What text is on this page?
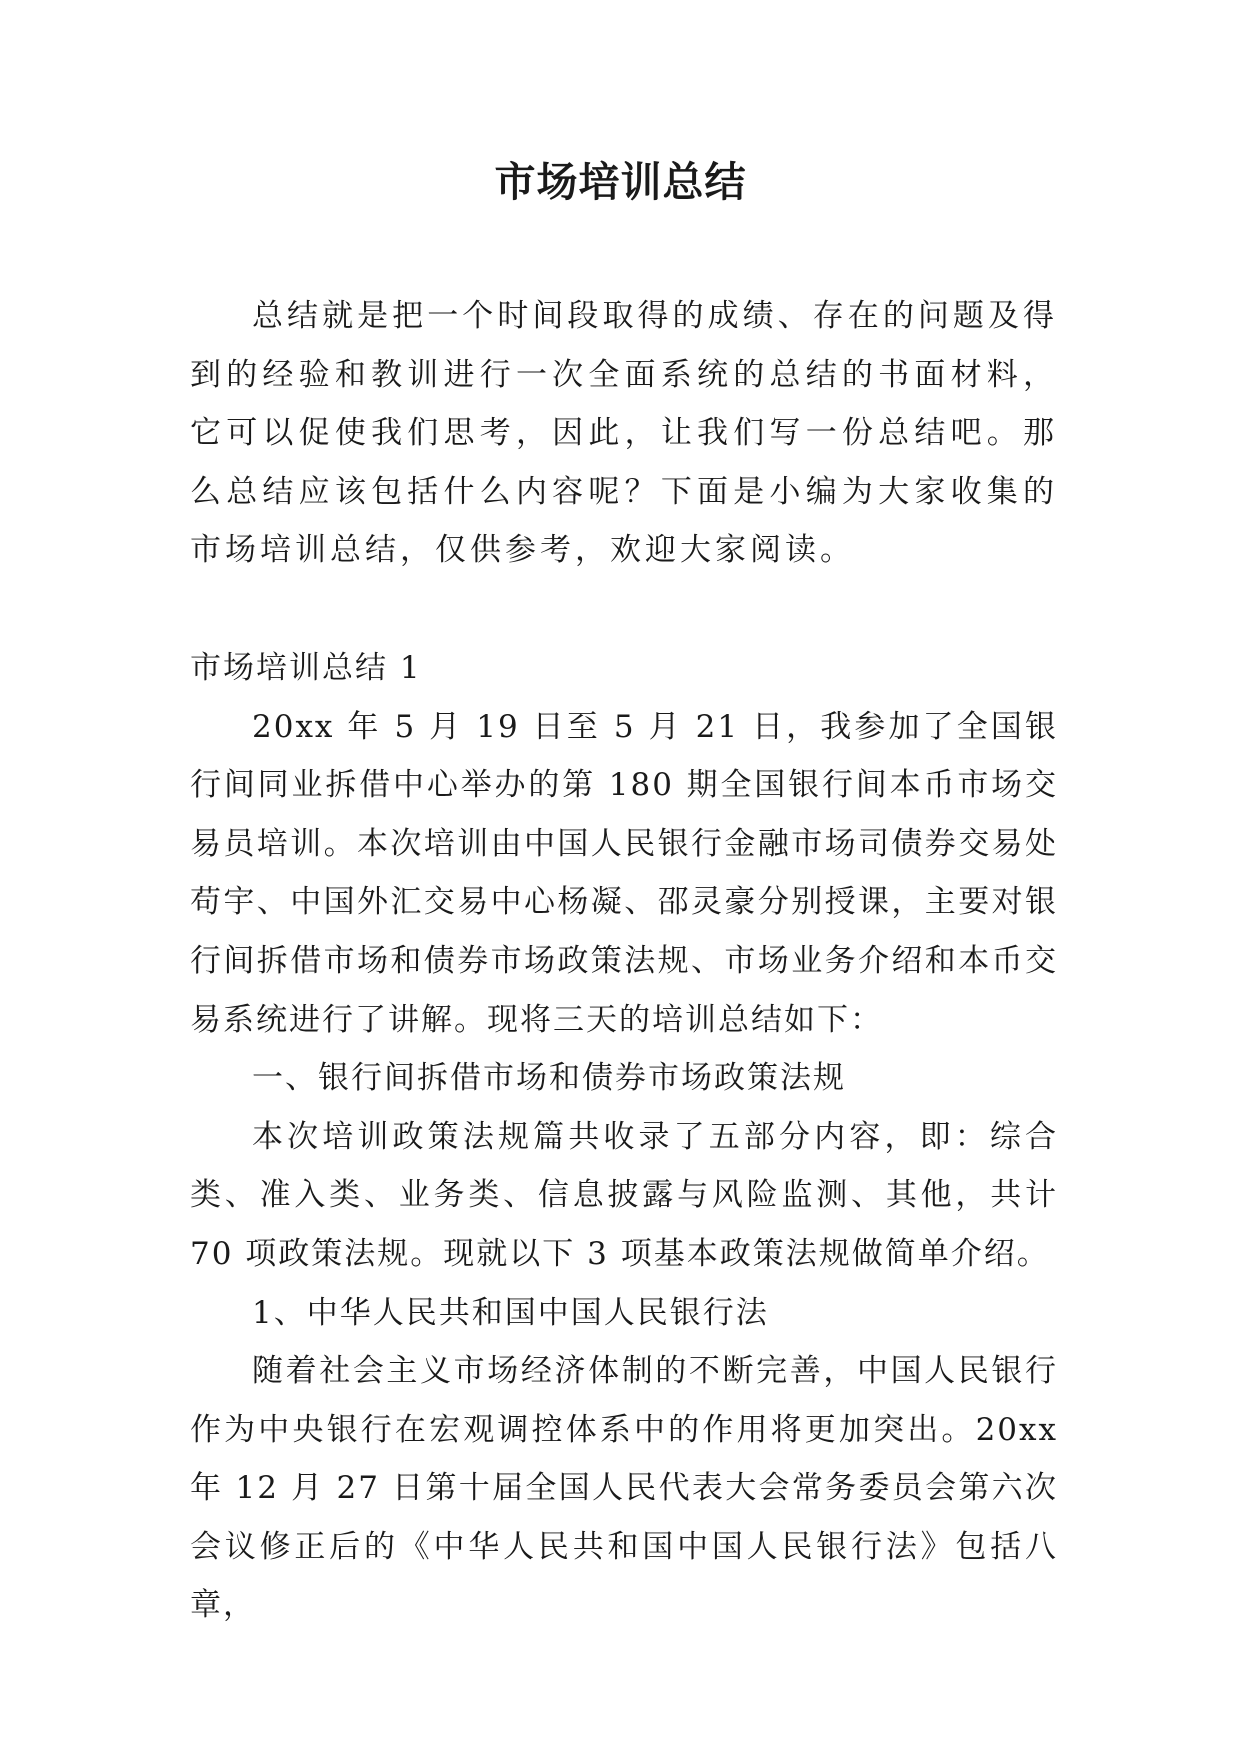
市场培训总结

总结就是把一个时间段取得的成绩、存在的问题及得到的经验和教训进行一次全面系统的总结的书面材料，它可以促使我们思考，因此，让我们写一份总结吧。那么总结应该包括什么内容呢？下面是小编为大家收集的市场培训总结，仅供参考，欢迎大家阅读。

市场培训总结 1

20xx 年 5 月 19 日至 5 月 21 日，我参加了全国银行间同业拆借中心举办的第 180 期全国银行间本币市场交易员培训。本次培训由中国人民银行金融市场司债券交易处苟宇、中国外汇交易中心杨凝、邵灵豪分别授课，主要对银行间拆借市场和债券市场政策法规、市场业务介绍和本币交易系统进行了讲解。现将三天的培训总结如下：

一、银行间拆借市场和债券市场政策法规

本次培训政策法规篇共收录了五部分内容，即：综合类、准入类、业务类、信息披露与风险监测、其他，共计 70 项政策法规。现就以下 3 项基本政策法规做简单介绍。

1、中华人民共和国中国人民银行法

随着社会主义市场经济体制的不断完善，中国人民银行作为中央银行在宏观调控体系中的作用将更加突出。20xx 年 12 月 27 日第十届全国人民代表大会常务委员会第六次会议修正后的《中华人民共和国中国人民银行法》包括八章，
